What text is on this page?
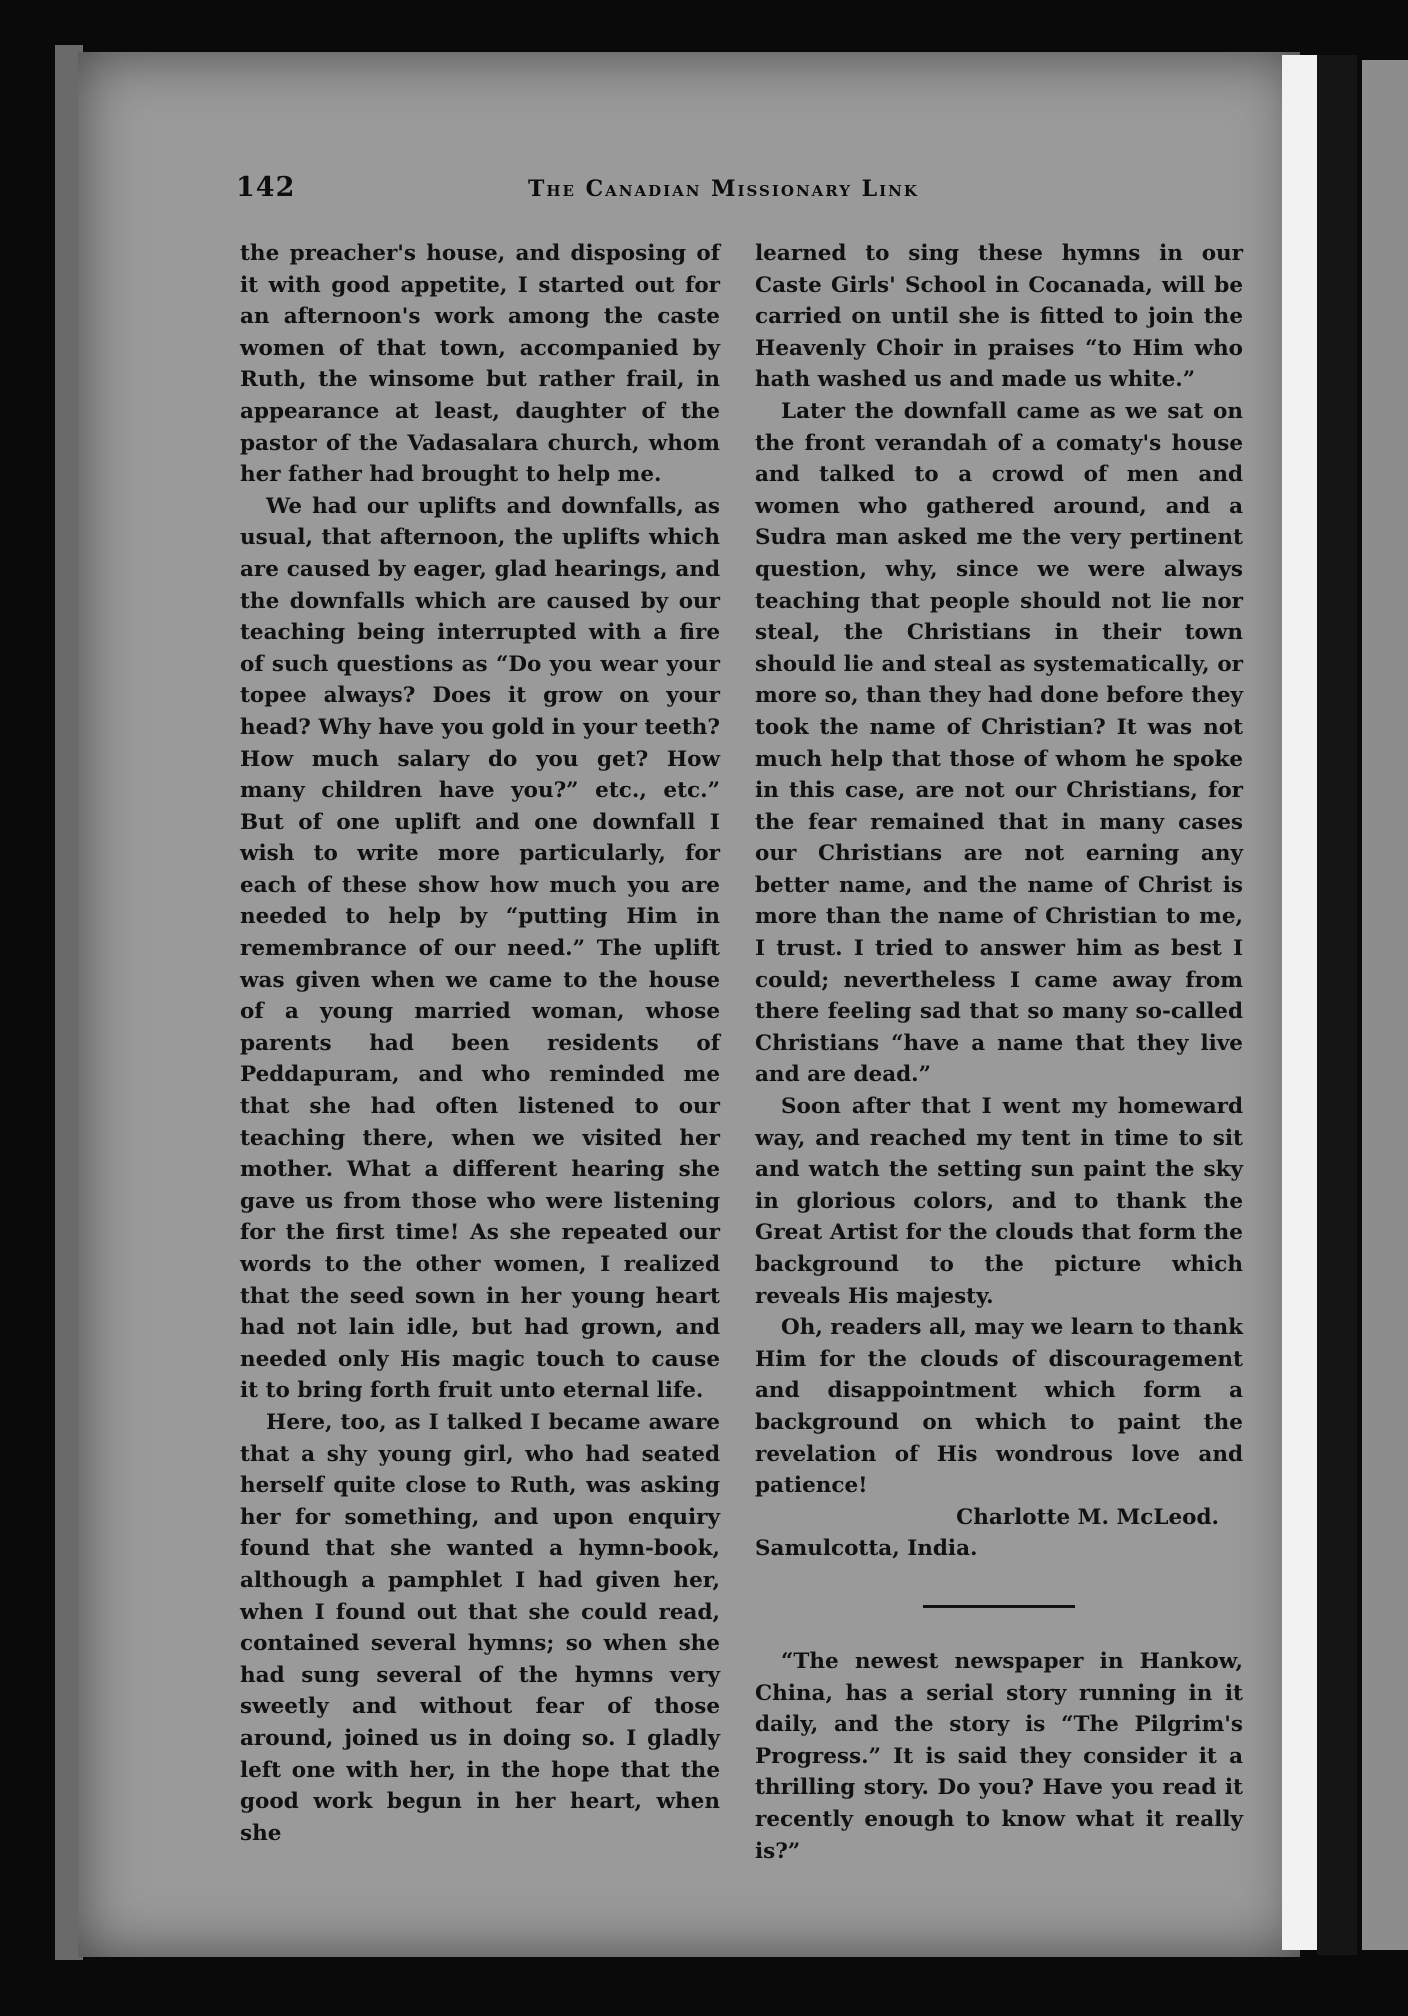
142	The Canadian Missionary Link

the preacher's house, and disposing of it with good appetite, I started out for an afternoon's work among the caste women of that town, accompanied by Ruth, the winsome but rather frail, in appearance at least, daughter of the pastor of the Vadasalara church, whom her father had brought to help me.

We had our uplifts and downfalls, as usual, that afternoon, the uplifts which are caused by eager, glad hearings, and the downfalls which are caused by our teaching being interrupted with a fire of such questions as “Do you wear your topee always? Does it grow on your head? Why have you gold in your teeth? How much salary do you get? How many children have you?” etc., etc.” But of one uplift and one downfall I wish to write more particularly, for each of these show how much you are needed to help by “putting Him in remembrance of our need.” The uplift was given when we came to the house of a young married woman, whose parents had been residents of Peddapuram, and who reminded me that she had often listened to our teaching there, when we visited her mother. What a different hearing she gave us from those who were listening for the first time! As she repeated our words to the other women, I realized that the seed sown in her young heart had not lain idle, but had grown, and needed only His magic touch to cause it to bring forth fruit unto eternal life.

Here, too, as I talked I became aware that a shy young girl, who had seated herself quite close to Ruth, was asking her for something, and upon enquiry found that she wanted a hymn-book, although a pamphlet I had given her, when I found out that she could read, contained several hymns; so when she had sung several of the hymns very sweetly and without fear of those around, joined us in doing so. I gladly left one with her, in the hope that the good work begun in her heart, when she

learned to sing these hymns in our Caste Girls' School in Cocanada, will be carried on until she is fitted to join the Heavenly Choir in praises “to Him who hath washed us and made us white.”

Later the downfall came as we sat on the front verandah of a comaty's house and talked to a crowd of men and women who gathered around, and a Sudra man asked me the very pertinent question, why, since we were always teaching that people should not lie nor steal, the Christians in their town should lie and steal as systematically, or more so, than they had done before they took the name of Christian? It was not much help that those of whom he spoke in this case, are not our Christians, for the fear remained that in many cases our Christians are not earning any better name, and the name of Christ is more than the name of Christian to me, I trust. I tried to answer him as best I could; nevertheless I came away from there feeling sad that so many so-called Christians “have a name that they live and are dead.”

Soon after that I went my homeward way, and reached my tent in time to sit and watch the setting sun paint the sky in glorious colors, and to thank the Great Artist for the clouds that form the background to the picture which reveals His majesty.

Oh, readers all, may we learn to thank Him for the clouds of discouragement and disappointment which form a background on which to paint the revelation of His wondrous love and patience!

Charlotte M. McLeod.

Samulcotta, India.

“The newest newspaper in Hankow, China, has a serial story running in it daily, and the story is “The Pilgrim's Progress.” It is said they consider it a thrilling story. Do you? Have you read it recently enough to know what it really is?”
